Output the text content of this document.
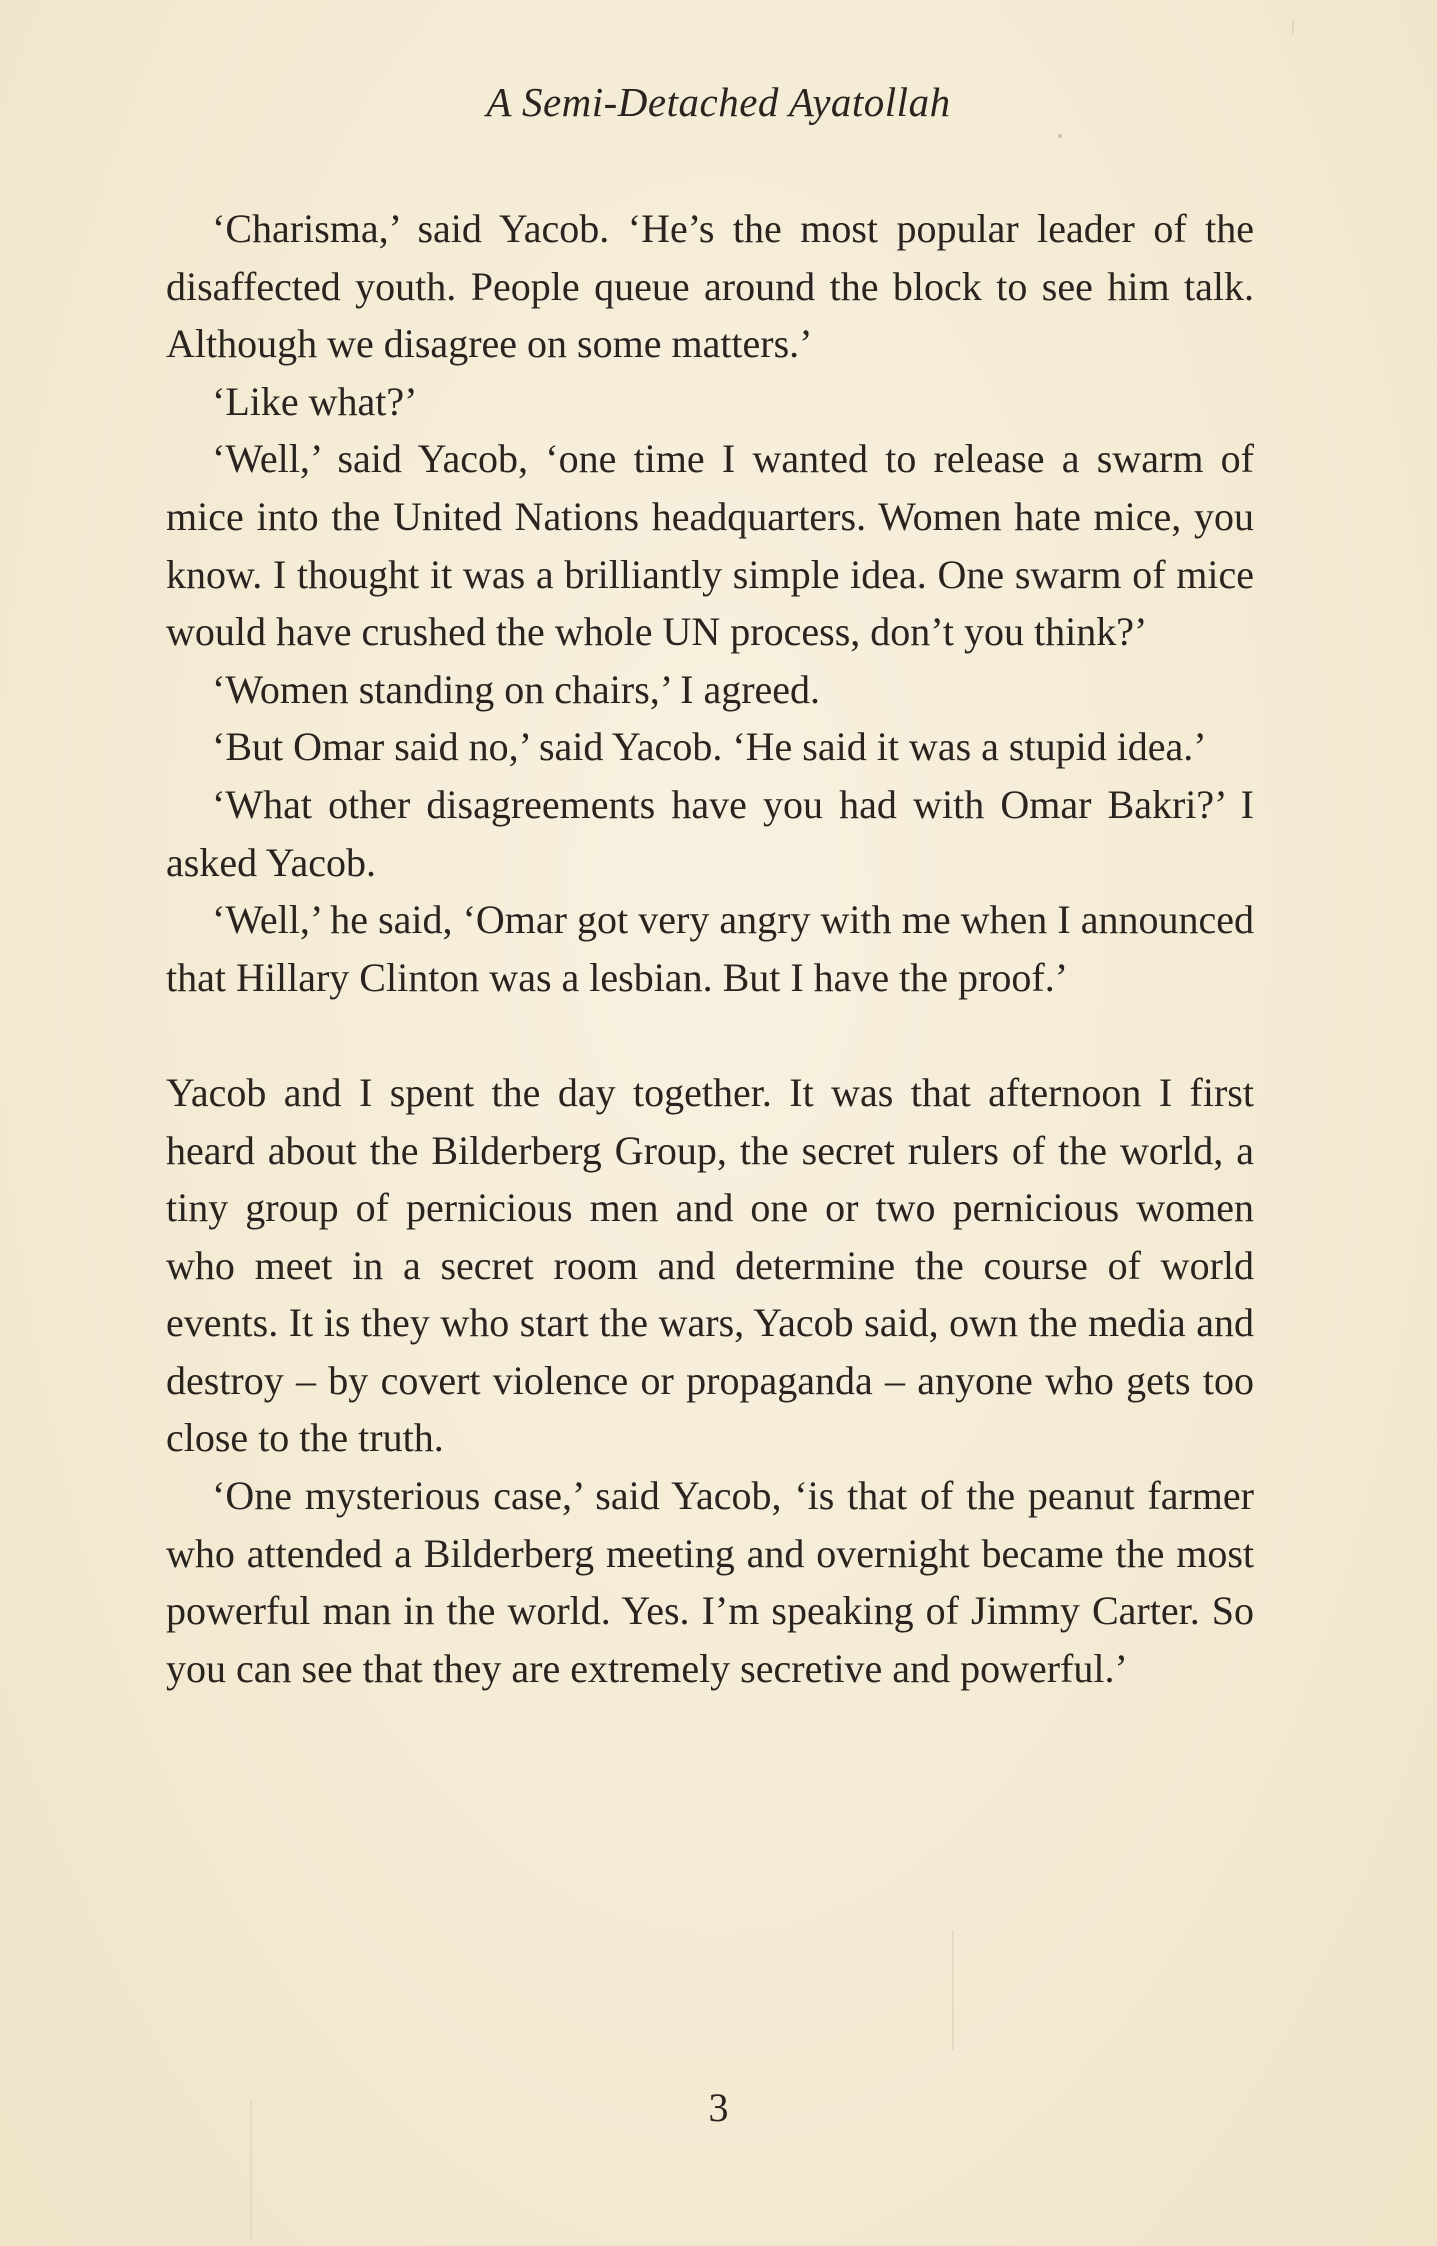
A Semi-Detached Ayatollah

‘Charisma,’ said Yacob. ‘He’s the most popular leader of the disaffected youth. People queue around the block to see him talk. Although we disagree on some matters.’

‘Like what?’

‘Well,’ said Yacob, ‘one time I wanted to release a swarm of mice into the United Nations headquarters. Women hate mice, you know. I thought it was a brilliantly simple idea. One swarm of mice would have crushed the whole UN process, don’t you think?’

‘Women standing on chairs,’ I agreed.

‘But Omar said no,’ said Yacob. ‘He said it was a stupid idea.’

‘What other disagreements have you had with Omar Bakri?’ I asked Yacob.

‘Well,’ he said, ‘Omar got very angry with me when I announced that Hillary Clinton was a lesbian. But I have the proof.’

Yacob and I spent the day together. It was that afternoon I first heard about the Bilderberg Group, the secret rulers of the world, a tiny group of pernicious men and one or two pernicious women who meet in a secret room and determine the course of world events. It is they who start the wars, Yacob said, own the media and destroy – by covert violence or propaganda – anyone who gets too close to the truth.

‘One mysterious case,’ said Yacob, ‘is that of the peanut farmer who attended a Bilderberg meeting and overnight became the most powerful man in the world. Yes. I’m speaking of Jimmy Carter. So you can see that they are extremely secretive and powerful.’

3
